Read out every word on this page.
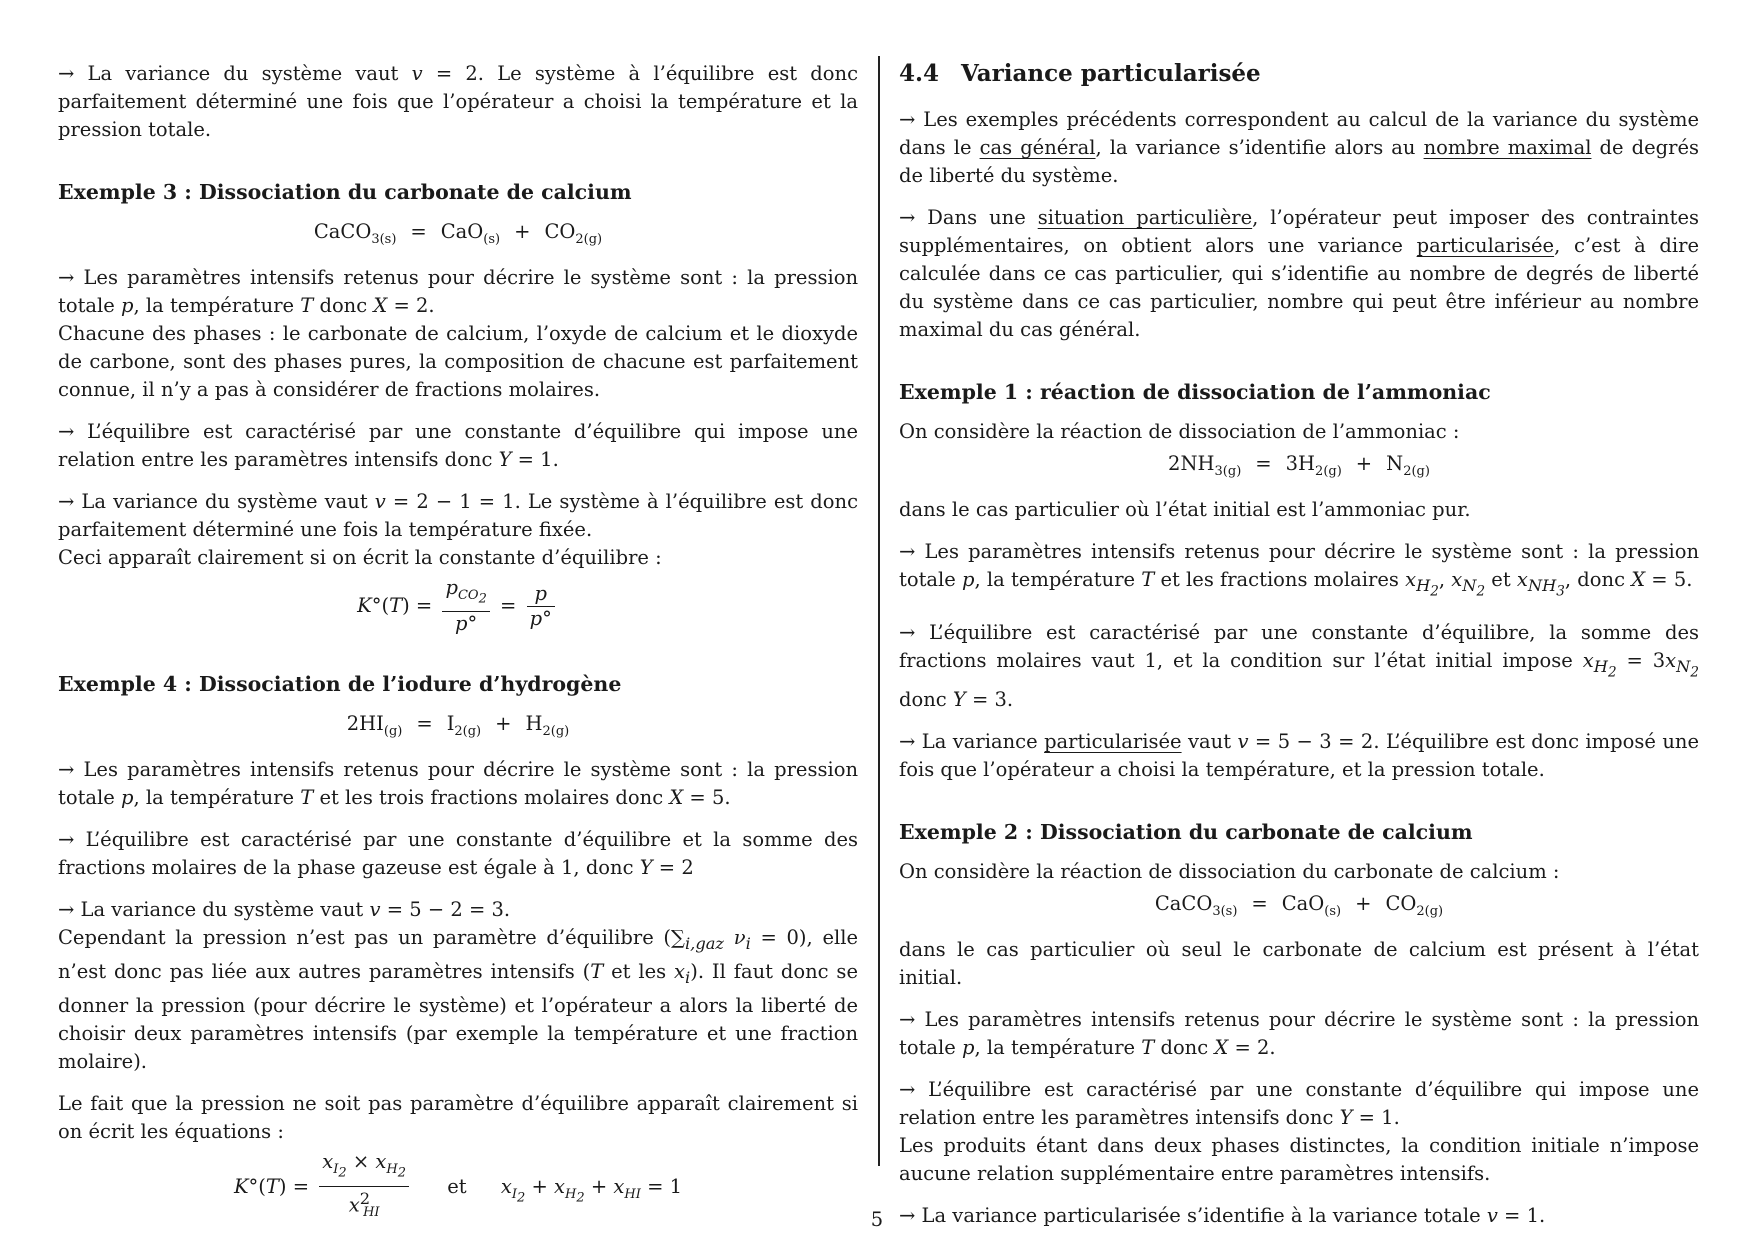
→ La variance du système vaut v = 2. Le système à l’équilibre est donc parfaitement déterminé une fois que l’opérateur a choisi la température et la pression totale.

Exemple 3 : Dissociation du carbonate de calcium
CaCO$_{3(s)}$ = $CaO_{(s)} + CO_{2(g)}$

→ Les paramètres intensifs retenus pour décrire le système sont : la pression totale p, la température T donc X = 2.

Chacune des phases : le carbonate de calcium, l’oxyde de calcium et le dioxyde de carbone, sont des phases pures, la composition de chacune est parfaitement connue, il n’y a pas à considérer de fractions molaires.

→ L’équilibre est caractérisé par une constante d’équilibre qui impose une relation entre les paramètres intensifs donc Y = 1.

→ La variance du système vaut v = 2 − 1 = 1. Le système à l’équilibre est donc parfaitement déterminé une fois la température fixée.

Ceci apparaît clairement si on écrit la constante d’équilibre :

$K^\circ(T) = \frac{p_{CO_2}}{p^\circ} = \frac{p}{p^\circ}$
Exemple 4 : Dissociation de l’iodure d’hydrogène
$2HI_{(g)} = I_{2(g)} + H_{2(g)}$

→ Les paramètres intensifs retenus pour décrire le système sont : la pression totale p, la température T et les trois fractions molaires donc X = 5.

→ L’équilibre est caractérisé par une constante d’équilibre et la somme des fractions molaires de la phase gazeuse est égale à 1, donc Y = 2

→ La variance du système vaut v = 5 − 2 = 3.

Cependant la pression n’est pas un paramètre d’équilibre ($\sum_{i,gaz}$ $\nu_i = 0$), elle n’est donc pas liée aux autres paramètres intensifs (T et les $x_i$). Il faut donc se donner la pression (pour décrire le système) et l’opérateur a alors la liberté de choisir deux paramètres intensifs (par exemple la température et une fraction molaire).

Le fait que la pression ne soit pas paramètre d’équilibre apparaît clairement si on écrit les équations :

$K^\circ(T) = \frac{x_{I_2} \times x_{H_2}}{x^2_{HI}}$ et $x_{I_2} + x_{H_2} + x_{HI} = 1$
4.4 Variance particularisée

→ Les exemples précédents correspondent au calcul de la variance du système dans le cas général, la variance s’identifie alors au nombre maximal de degrés de liberté du système.

→ Dans une situation particulière, l’opérateur peut imposer des contraintes supplémentaires, on obtient alors une variance particularisée, c’est à dire calculée dans ce cas particulier, qui s’identifie au nombre de degrés de liberté du système dans ce cas particulier, nombre qui peut être inférieur au nombre maximal du cas général.

Exemple 1 : réaction de dissociation de l’ammoniac

On considère la réaction de dissociation de l’ammoniac :

$2NH_{3(g)} = 3H_{2(g)} + N_{2(g)}$

dans le cas particulier où l’état initial est l’ammoniac pur.

→ Les paramètres intensifs retenus pour décrire le système sont : la pression totale p, la température T et les fractions molaires $x_{H_2}$, $x_{N_2}$ et $x_{NH_3}$, donc X = 5.

→ L’équilibre est caractérisé par une constante d’équilibre, la somme des fractions molaires vaut 1, et la condition sur l’état initial impose $x_{H_2} = 3x_{N_2}$ donc Y = 3.

→ La variance particularisée vaut v = 5 − 3 = 2. L’équilibre est donc imposé une fois que l’opérateur a choisi la température, et la pression totale.

Exemple 2 : Dissociation du carbonate de calcium

On considère la réaction de dissociation du carbonate de calcium :

CaCO$_{3(s)}$ = $CaO_{(s)} + CO_{2(g)}$

dans le cas particulier où seul le carbonate de calcium est présent à l’état initial.

→ Les paramètres intensifs retenus pour décrire le système sont : la pression totale p, la température T donc X = 2.

→ L’équilibre est caractérisé par une constante d’équilibre qui impose une relation entre les paramètres intensifs donc Y = 1.

Les produits étant dans deux phases distinctes, la condition initiale n’impose aucune relation supplémentaire entre paramètres intensifs.

→ La variance particularisée s’identifie à la variance totale v = 1.

5
